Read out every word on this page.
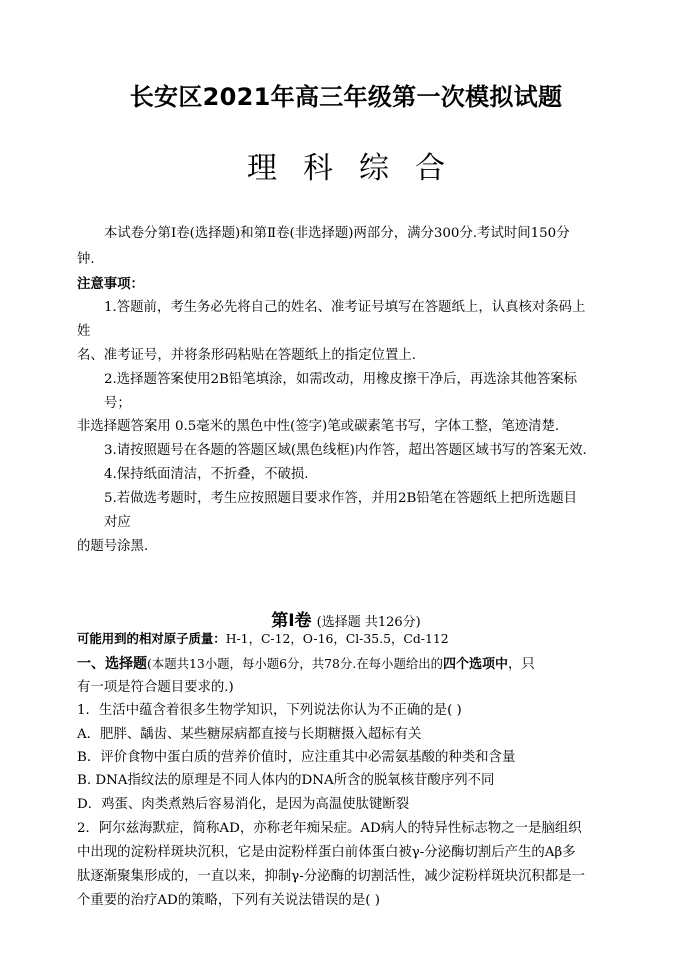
长安区2021年高三年级第一次模拟试题
理科综合
本试卷分第Ⅰ卷(选择题)和第Ⅱ卷(非选择题)两部分，满分300分.考试时间150分
钟.
注意事项：
1.答题前，考生务必先将自己的姓名、准考证号填写在答题纸上，认真核对条码上
姓
名、准考证号，并将条形码粘贴在答题纸上的指定位置上.
2.选择题答案使用2B铅笔填涂，如需改动，用橡皮擦干净后，再选涂其他答案标
号；
非选择题答案用 0.5毫米的黑色中性(签字)笔或碳素笔书写，字体工整，笔迹清楚.
3.请按照题号在各题的答题区域(黑色线框)内作答，超出答题区域书写的答案无效.
4.保持纸面清洁，不折叠，不破损.
5.若做选考题时，考生应按照题目要求作答，并用2B铅笔在答题纸上把所选题目
对应
的题号涂黑.
第Ⅰ卷 (选择题 共126分)
可能用到的相对原子质量：H-1，C-12，O-16，Cl-35.5，Cd-112
一、选择题(本题共13小题，每小题6分，共78分.在每小题给出的四个选项中，只
有一项是符合题目要求的.)
1．生活中蕴含着很多生物学知识，下列说法你认为不正确的是( )
A．肥胖、龋齿、某些糖尿病都直接与长期糖摄入超标有关
B．评价食物中蛋白质的营养价值时，应注重其中必需氨基酸的种类和含量
B. DNA指纹法的原理是不同人体内的DNA所含的脱氧核苷酸序列不同
D．鸡蛋、肉类煮熟后容易消化，是因为高温使肽键断裂
2．阿尔兹海默症，简称AD，亦称老年痴呆症。AD病人的特异性标志物之一是脑组织
中出现的淀粉样斑块沉积，它是由淀粉样蛋白前体蛋白被γ-分泌酶切割后产生的Aβ多
肽逐渐聚集形成的，一直以来，抑制γ-分泌酶的切割活性，减少淀粉样斑块沉积都是一
个重要的治疗AD的策略，下列有关说法错误的是( )
